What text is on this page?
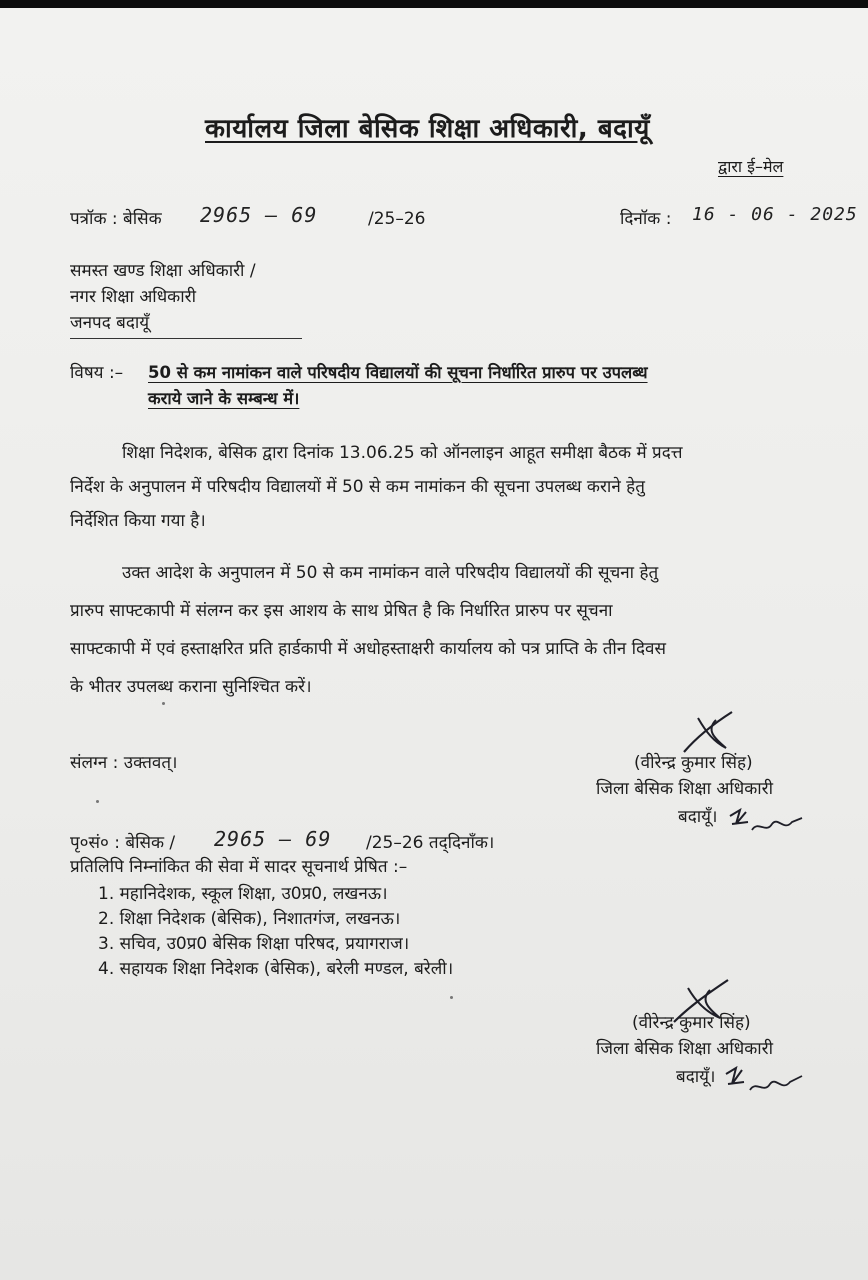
कार्यालय जिला बेसिक शिक्षा अधिकारी, बदायूँ
द्वारा ई–मेल
पत्रॉक : बेसिक 2965 – 69	/25–26	दिनॉक : 16 - 06 - 2025
समस्त खण्ड शिक्षा अधिकारी /
नगर शिक्षा अधिकारी
जनपद बदायूँ
विषय :– 50 से कम नामांकन वाले परिषदीय विद्यालयों की सूचना निर्धारित प्रारुप पर उपलब्ध
कराये जाने के सम्बन्ध में।
शिक्षा निदेशक, बेसिक द्वारा दिनांक 13.06.25 को ऑनलाइन आहूत समीक्षा बैठक में प्रदत्त
निर्देश के अनुपालन में परिषदीय विद्यालयों में 50 से कम नामांकन की सूचना उपलब्ध कराने हेतु
निर्देशित किया गया है।
उक्त आदेश के अनुपालन में 50 से कम नामांकन वाले परिषदीय विद्यालयों की सूचना हेतु
प्रारुप साफ्टकापी में संलग्न कर इस आशय के साथ प्रेषित है कि निर्धारित प्रारुप पर सूचना
साफ्टकापी में एवं हस्ताक्षरित प्रति हार्डकापी में अधोहस्ताक्षरी कार्यालय को पत्र प्राप्ति के तीन दिवस
के भीतर उपलब्ध कराना सुनिश्चित करें।
संलग्न : उक्तवत्।	(वीरेन्द्र कुमार सिंह)
जिला बेसिक शिक्षा अधिकारी
बदायूँ।
पृ०सं० : बेसिक / 2965 – 69 /25–26 तद्‌दिनाँक।
प्रतिलिपि निम्नांकित की सेवा में सादर सूचनार्थ प्रेषित :–
1. महानिदेशक, स्कूल शिक्षा, उ0प्र0, लखनऊ।
2. शिक्षा निदेशक (बेसिक), निशातगंज, लखनऊ।
3. सचिव, उ0प्र0 बेसिक शिक्षा परिषद, प्रयागराज।
4. सहायक शिक्षा निदेशक (बेसिक), बरेली मण्डल, बरेली।
(वीरेन्द्र कुमार सिंह)
जिला बेसिक शिक्षा अधिकारी
बदायूँ।
